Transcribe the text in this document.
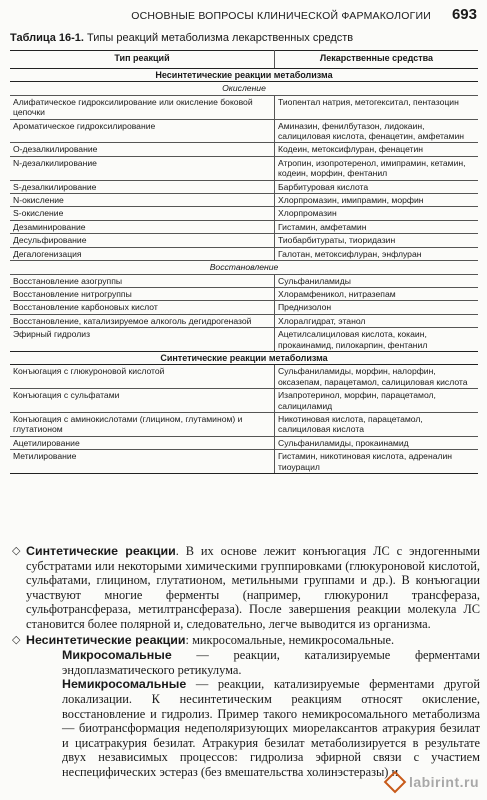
ОСНОВНЫЕ ВОПРОСЫ КЛИНИЧЕСКОЙ ФАРМАКОЛОГИИ 693
Таблица 16-1. Типы реакций метаболизма лекарственных средств
Тип реакций	Лекарственные средства
Несинтетические реакции метаболизма	
Окисление	
Алифатическое гидроксилирование или окисление боковой цепочки	Тиопентал натрия, метогекситал, пентазоцин
Ароматическое гидроксилирование	Аминазин, фенилбутазон, лидокаин, салициловая кислота, фенацетин, амфетамин
O-дезалкилирование	Кодеин, метоксифлуран, фенацетин
N-дезалкилирование	Атропин, изопротеренол, имипрамин, кетамин, кодеин, морфин, фентанил
S-дезалкилирование	Барбитуровая кислота
N-окисление	Хлорпромазин, имипрамин, морфин
S-окисление	Хлорпромазин
Дезаминирование	Гистамин, амфетамин
Десульфирование	Тиобарбитураты, тиоридазин
Дегалогенизация	Галотан, метоксифлуран, энфлуран
Восстановление	
Восстановление азогруппы	Сульфаниламиды
Восстановление нитрогруппы	Хлорамфеникол, нитразепам
Восстановление карбоновых кислот	Преднизолон
Восстановление, катализируемое алкоголь дегидрогеназой	Хлоралгидрат, этанол
Эфирный гидролиз	Ацетилсалициловая кислота, кокаин, прокаинамид, пилокарпин, фентанил
Синтетические реакции метаболизма	
Конъюгация с глюкуроновой кислотой	Сульфаниламиды, морфин, налорфин, оксазепам, парацетамол, салициловая кислота
Конъюгация с сульфатами	Изапротеринол, морфин, парацетамол, салициламид
Конъюгация с аминокислотами (глицином, глутамином) и глутатионом	Никотиновая кислота, парацетамол, салициловая кислота
Ацетилирование	Сульфаниламиды, прокаинамид
Метилирование	Гистамин, никотиновая кислота, адреналин тиоурацил

◇ Синтетические реакции. В их основе лежит конъюгация ЛС с эндогенными субстратами или некоторыми химическими группировками (глюкуроновой кислотой, сульфатами, глицином, глутатионом, метильными группами и др.). В конъюгации участвуют многие ферменты (например, глюкуронил трансфераза, сульфотрансфераза, метилтрансфераза). После завершения реакции молекула ЛС становится более полярной и, следовательно, легче выводится из организма.

◇ Несинтетические реакции: микросомальные, немикросомальные.

Микросомальные — реакции, катализируемые ферментами эндоплазматического ретикулума.

Немикросомальные — реакции, катализируемые ферментами другой локализации. К несинтетическим реакциям относят окисление, восстановление и гидролиз. Пример такого немикросомального метаболизма — биотрансформация недеполяризующих миорелаксантов атракурия безилат и цисатракурия безилат. Атракурия безилат метаболизируется в результате двух независимых процессов: гидролиза эфирной связи с участием неспецифических эстераз (без вмешательства холинэстеразы) и

labirint.ru
